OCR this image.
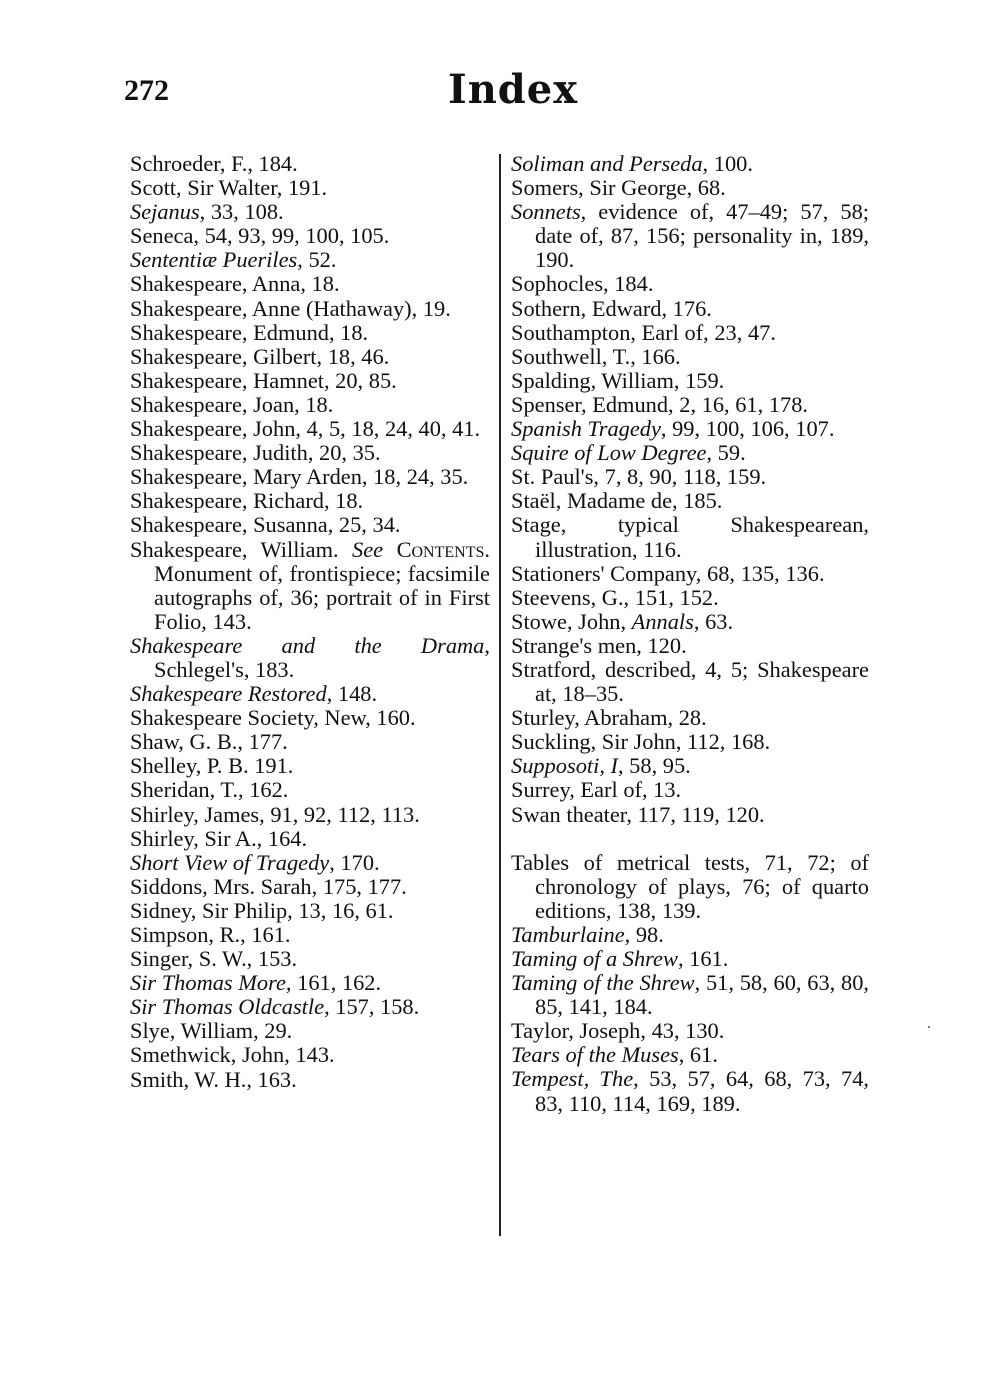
272	Index

Schroeder, F., 184.

Scott, Sir Walter, 191.

Sejanus, 33, 108.

Seneca, 54, 93, 99, 100, 105.

Sententiæ Pueriles, 52.

Shakespeare, Anna, 18.

Shakespeare, Anne (Hathaway), 19.

Shakespeare, Edmund, 18.

Shakespeare, Gilbert, 18, 46.

Shakespeare, Hamnet, 20, 85.

Shakespeare, Joan, 18.

Shakespeare, John, 4, 5, 18, 24, 40, 41.

Shakespeare, Judith, 20, 35.

Shakespeare, Mary Arden, 18, 24, 35.

Shakespeare, Richard, 18.

Shakespeare, Susanna, 25, 34.

Shakespeare, William. See Contents. Monument of, frontispiece; facsimile autographs of, 36; portrait of in First Folio, 143.

Shakespeare and the Drama, Schlegel's, 183.

Shakespeare Restored, 148.

Shakespeare Society, New, 160.

Shaw, G. B., 177.

Shelley, P. B. 191.

Sheridan, T., 162.

Shirley, James, 91, 92, 112, 113.

Shirley, Sir A., 164.

Short View of Tragedy, 170.

Siddons, Mrs. Sarah, 175, 177.

Sidney, Sir Philip, 13, 16, 61.

Simpson, R., 161.

Singer, S. W., 153.

Sir Thomas More, 161, 162.

Sir Thomas Oldcastle, 157, 158.

Slye, William, 29.

Smethwick, John, 143.

Smith, W. H., 163.

Soliman and Perseda, 100.

Somers, Sir George, 68.

Sonnets, evidence of, 47–49; 57, 58; date of, 87, 156; personality in, 189, 190.

Sophocles, 184.

Sothern, Edward, 176.

Southampton, Earl of, 23, 47.

Southwell, T., 166.

Spalding, William, 159.

Spenser, Edmund, 2, 16, 61, 178.

Spanish Tragedy, 99, 100, 106, 107.

Squire of Low Degree, 59.

St. Paul's, 7, 8, 90, 118, 159.

Staël, Madame de, 185.

Stage, typical Shakespearean, illustration, 116.

Stationers' Company, 68, 135, 136.

Steevens, G., 151, 152.

Stowe, John, Annals, 63.

Strange's men, 120.

Stratford, described, 4, 5; Shakespeare at, 18–35.

Sturley, Abraham, 28.

Suckling, Sir John, 112, 168.

Supposoti, I, 58, 95.

Surrey, Earl of, 13.

Swan theater, 117, 119, 120.

Tables of metrical tests, 71, 72; of chronology of plays, 76; of quarto editions, 138, 139.

Tamburlaine, 98.

Taming of a Shrew, 161.

Taming of the Shrew, 51, 58, 60, 63, 80, 85, 141, 184.

Taylor, Joseph, 43, 130.

Tears of the Muses, 61.

Tempest, The, 53, 57, 64, 68, 73, 74, 83, 110, 114, 169, 189.
